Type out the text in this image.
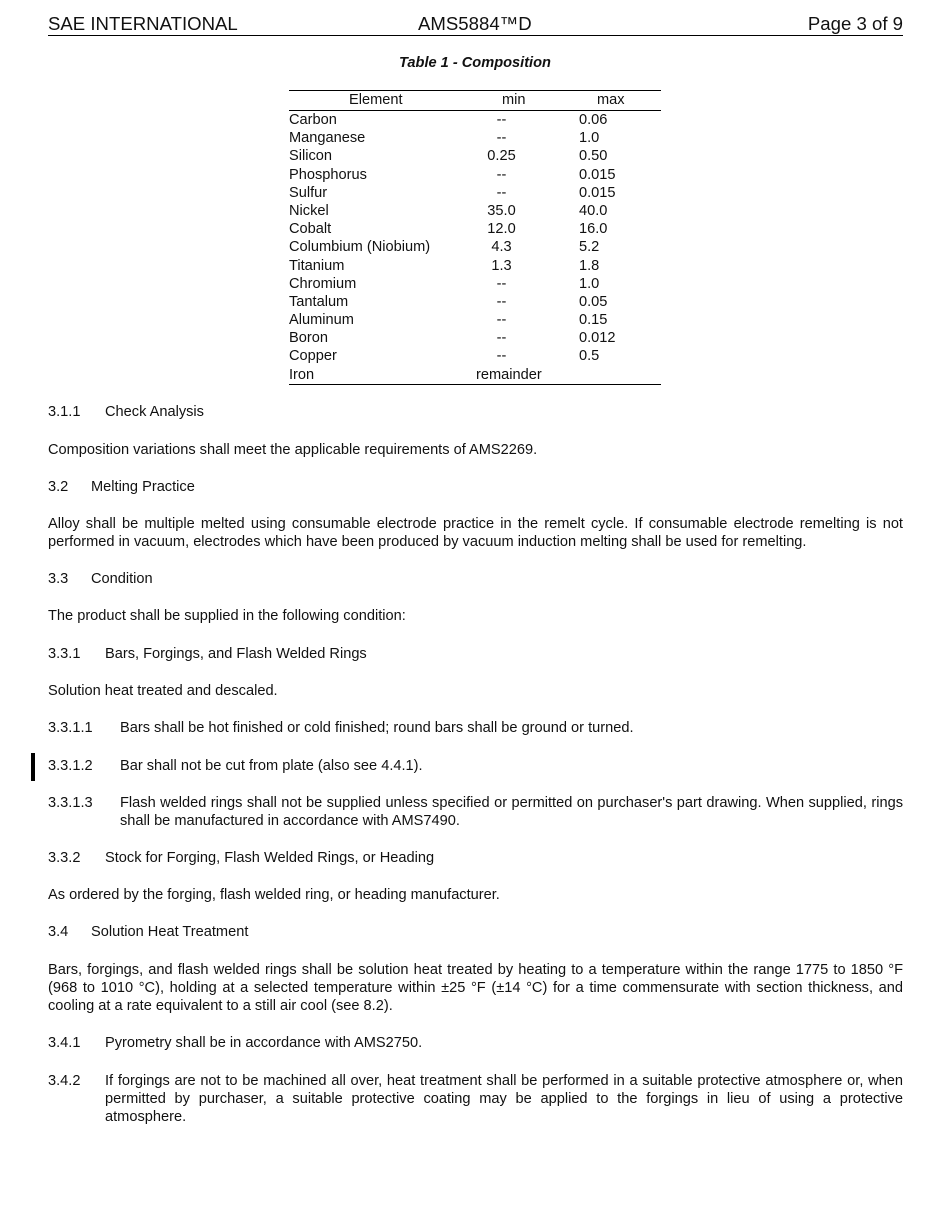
SAE INTERNATIONAL	AMS5884™D	Page 3 of 9
Table 1 - Composition
Element	min	max
Carbon	--	0.06
Manganese	--	1.0
Silicon	0.25	0.50
Phosphorus	--	0.015
Sulfur	--	0.015
Nickel	35.0	40.0
Cobalt	12.0	16.0
Columbium (Niobium)	4.3	5.2
Titanium	1.3	1.8
Chromium	--	1.0
Tantalum	--	0.05
Aluminum	--	0.15
Boron	--	0.012
Copper	--	0.5
Iron	remainder
3.1.1 Check Analysis

Composition variations shall meet the applicable requirements of AMS2269.

3.2 Melting Practice

Alloy shall be multiple melted using consumable electrode practice in the remelt cycle. If consumable electrode remelting is not performed in vacuum, electrodes which have been produced by vacuum induction melting shall be used for remelting.

3.3 Condition

The product shall be supplied in the following condition:

3.3.1 Bars, Forgings, and Flash Welded Rings

Solution heat treated and descaled.

3.3.1.1 Bars shall be hot finished or cold finished; round bars shall be ground or turned.
3.3.1.2 Bar shall not be cut from plate (also see 4.4.1).
3.3.1.3 Flash welded rings shall not be supplied unless specified or permitted on purchaser's part drawing. When supplied, rings shall be manufactured in accordance with AMS7490.
3.3.2 Stock for Forging, Flash Welded Rings, or Heading

As ordered by the forging, flash welded ring, or heading manufacturer.

3.4 Solution Heat Treatment

Bars, forgings, and flash welded rings shall be solution heat treated by heating to a temperature within the range 1775 to 1850 °F (968 to 1010 °C), holding at a selected temperature within ±25 °F (±14 °C) for a time commensurate with section thickness, and cooling at a rate equivalent to a still air cool (see 8.2).

3.4.1 Pyrometry shall be in accordance with AMS2750.
3.4.2 If forgings are not to be machined all over, heat treatment shall be performed in a suitable protective atmosphere or, when permitted by purchaser, a suitable protective coating may be applied to the forgings in lieu of using a protective atmosphere.
